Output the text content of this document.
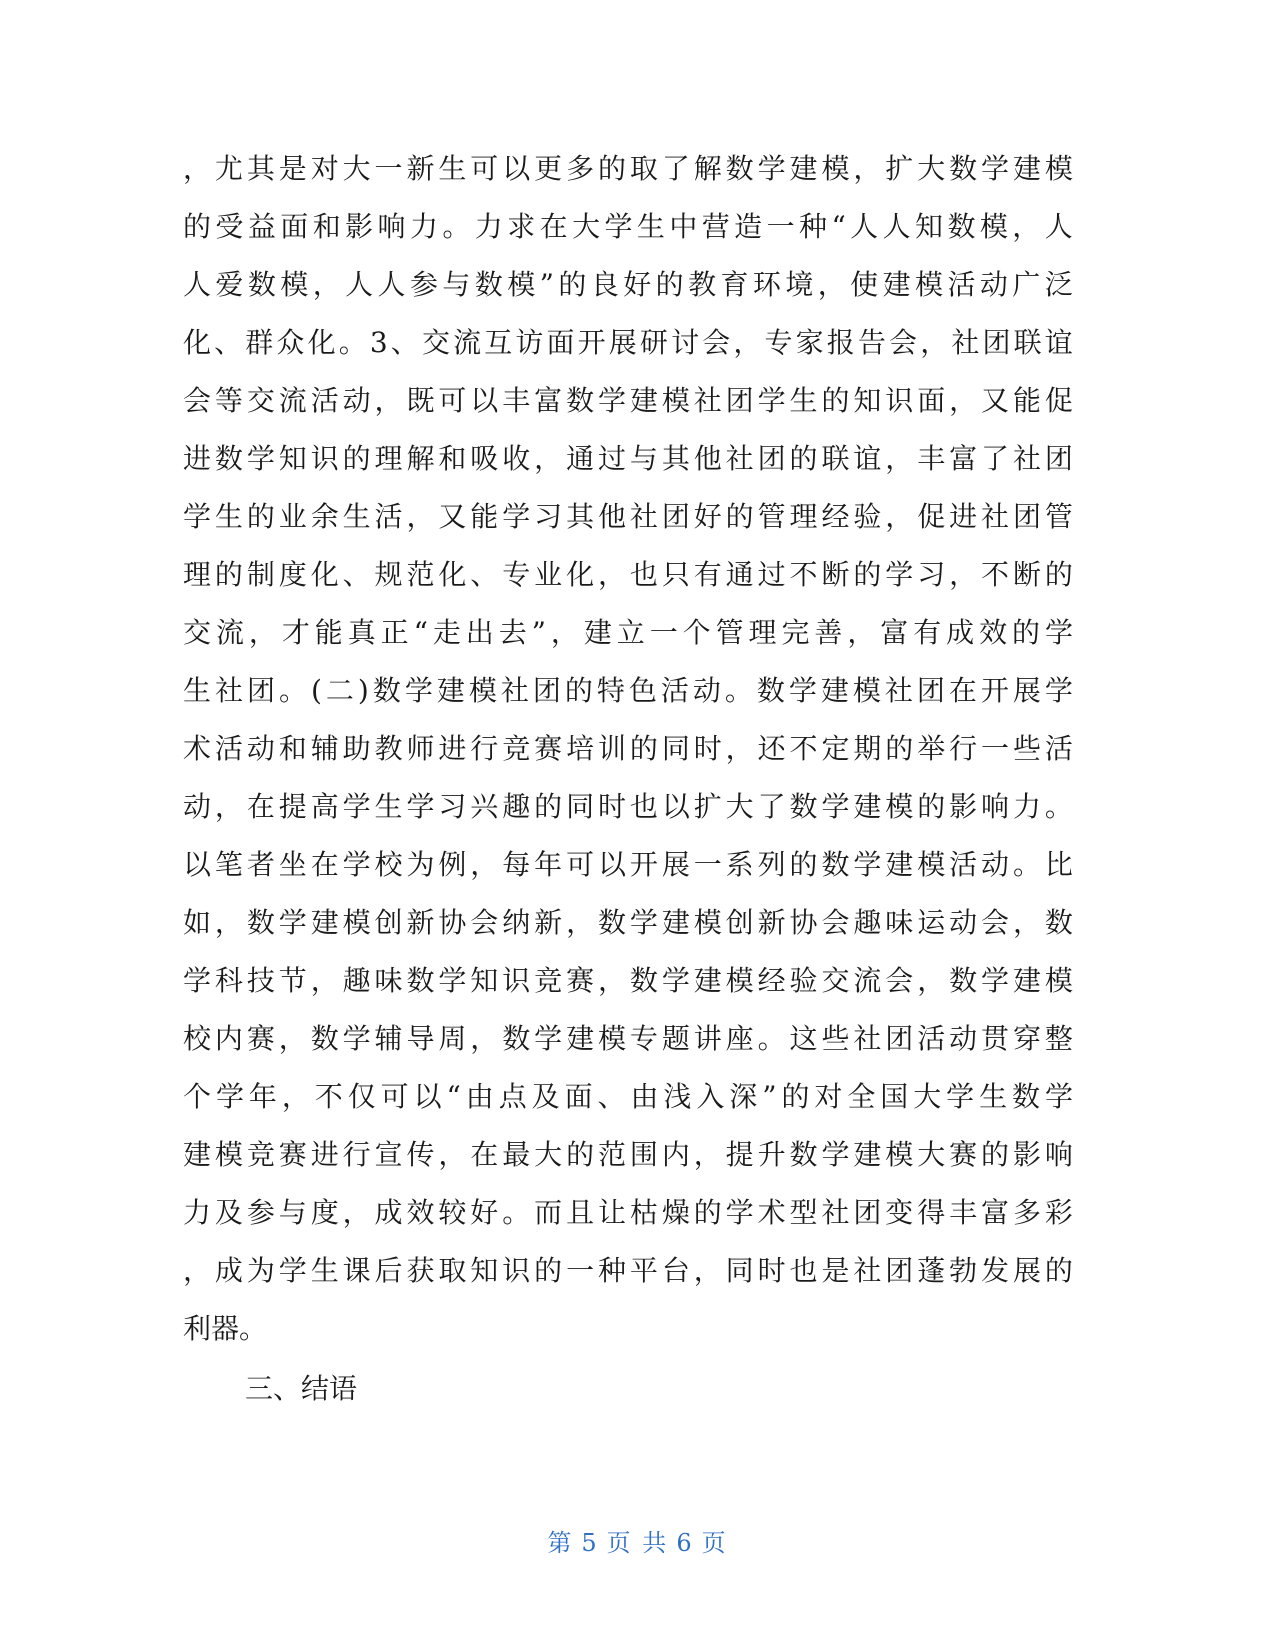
， 尤 其 是 对 大 一 新 生 可 以 更 多 的 取 了 解 数 学 建 模 ， 扩 大 数 学 建 模
的 受 益 面 和 影 响 力 。 力 求 在 大 学 生 中 营 造 一 种 “ 人 人 知 数 模 ， 人
人 爱 数 模 ， 人 人 参 与 数 模 ” 的 良 好 的 教 育 环 境 ， 使 建 模 活 动 广 泛
化 、 群 众 化 。 3 、 交 流 互 访 面 开 展 研 讨 会 ， 专 家 报 告 会 ， 社 团 联 谊
会 等 交 流 活 动 ， 既 可 以 丰 富 数 学 建 模 社 团 学 生 的 知 识 面 ， 又 能 促
进 数 学 知 识 的 理 解 和 吸 收 ， 通 过 与 其 他 社 团 的 联 谊 ， 丰 富 了 社 团
学 生 的 业 余 生 活 ， 又 能 学 习 其 他 社 团 好 的 管 理 经 验 ， 促 进 社 团 管
理 的 制 度 化 、 规 范 化 、 专 业 化 ， 也 只 有 通 过 不 断 的 学 习 ， 不 断 的
交 流 ， 才 能 真 正 “ 走 出 去 ” ， 建 立 一 个 管 理 完 善 ， 富 有 成 效 的 学
生 社 团 。 ( 二 ) 数 学 建 模 社 团 的 特 色 活 动 。 数 学 建 模 社 团 在 开 展 学
术 活 动 和 辅 助 教 师 进 行 竞 赛 培 训 的 同 时 ， 还 不 定 期 的 举 行 一 些 活
动 ， 在 提 高 学 生 学 习 兴 趣 的 同 时 也 以 扩 大 了 数 学 建 模 的 影 响 力 。
以 笔 者 坐 在 学 校 为 例 ， 每 年 可 以 开 展 一 系 列 的 数 学 建 模 活 动 。 比
如 ， 数 学 建 模 创 新 协 会 纳 新 ， 数 学 建 模 创 新 协 会 趣 味 运 动 会 ， 数
学 科 技 节 ， 趣 味 数 学 知 识 竞 赛 ， 数 学 建 模 经 验 交 流 会 ， 数 学 建 模
校 内 赛 ， 数 学 辅 导 周 ， 数 学 建 模 专 题 讲 座 。 这 些 社 团 活 动 贯 穿 整
个 学 年 ， 不 仅 可 以 “ 由 点 及 面 、 由 浅 入 深 ” 的 对 全 国 大 学 生 数 学
建 模 竞 赛 进 行 宣 传 ， 在 最 大 的 范 围 内 ， 提 升 数 学 建 模 大 赛 的 影 响
力 及 参 与 度 ， 成 效 较 好 。 而 且 让 枯 燥 的 学 术 型 社 团 变 得 丰 富 多 彩
， 成 为 学 生 课 后 获 取 知 识 的 一 种 平 台 ， 同 时 也 是 社 团 蓬 勃 发 展 的
利器。
三、结语
第 5 页 共 6 页
